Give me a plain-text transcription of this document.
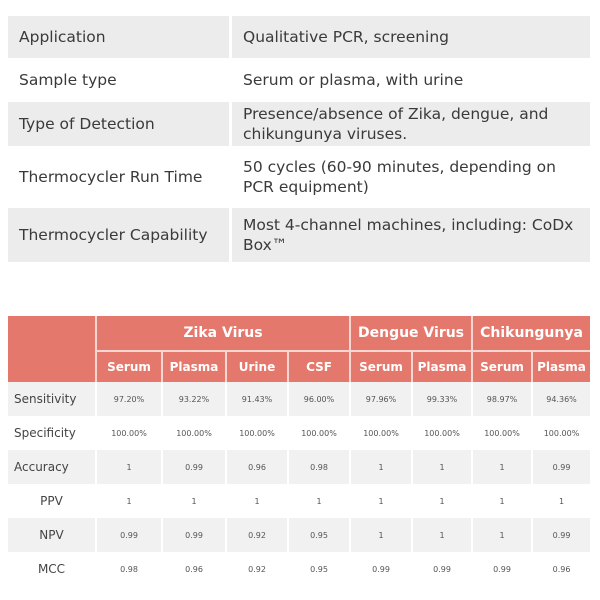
Application	Qualitative PCR, screening
Sample type	Serum or plasma, with urine
Type of Detection	Presence/absence of Zika, dengue, and chikungunya viruses.
Thermocycler Run Time	50 cycles (60-90 minutes, depending on PCR equipment)
Thermocycler Capability	Most 4-channel machines, including: CoDx Box™
	Zika Virus				Dengue Virus		Chikungunya	
	Serum	Plasma	Urine	CSF	Serum	Plasma	Serum	Plasma
Sensitivity	97.20%	93.22%	91.43%	96.00%	97.96%	99.33%	98.97%	94.36%
Specificity	100.00%	100.00%	100.00%	100.00%	100.00%	100.00%	100.00%	100.00%
Accuracy	1	0.99	0.96	0.98	1	1	1	0.99
PPV	1	1	1	1	1	1	1	1
NPV	0.99	0.99	0.92	0.95	1	1	1	0.99
MCC	0.98	0.96	0.92	0.95	0.99	0.99	0.99	0.96
